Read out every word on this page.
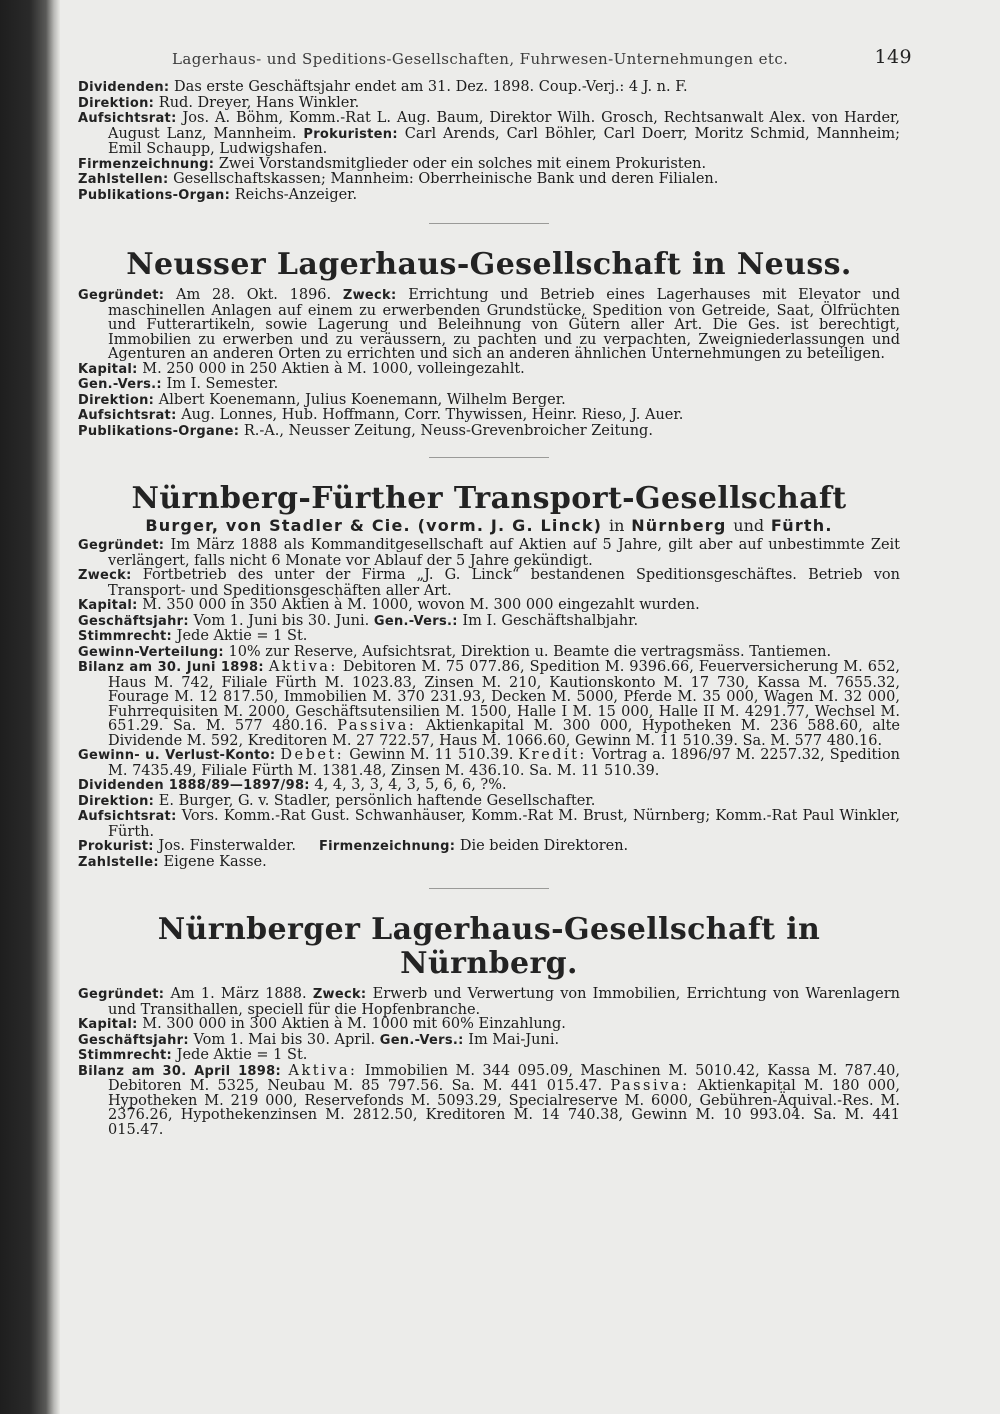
Lagerhaus- und Speditions-Gesellschaften, Fuhrwesen-Unternehmungen etc.	149

Dividenden: Das erste Geschäftsjahr endet am 31. Dez. 1898. Coup.-Verj.: 4 J. n. F.

Direktion: Rud. Dreyer, Hans Winkler.

Aufsichtsrat: Jos. A. Böhm, Komm.-Rat L. Aug. Baum, Direktor Wilh. Grosch, Rechtsanwalt Alex. von Harder, August Lanz, Mannheim. Prokuristen: Carl Arends, Carl Böhler, Carl Doerr, Moritz Schmid, Mannheim; Emil Schaupp, Ludwigshafen.

Firmenzeichnung: Zwei Vorstandsmitglieder oder ein solches mit einem Prokuristen.

Zahlstellen: Gesellschaftskassen; Mannheim: Oberrheinische Bank und deren Filialen.

Publikations-Organ: Reichs-Anzeiger.

Neusser Lagerhaus-Gesellschaft in Neuss.

Gegründet: Am 28. Okt. 1896. Zweck: Errichtung und Betrieb eines Lagerhauses mit Elevator und maschinellen Anlagen auf einem zu erwerbenden Grundstücke, Spedition von Getreide, Saat, Ölfrüchten und Futterartikeln, sowie Lagerung und Beleihnung von Gütern aller Art. Die Ges. ist berechtigt, Immobilien zu erwerben und zu veräussern, zu pachten und zu verpachten, Zweigniederlassungen und Agenturen an anderen Orten zu errichten und sich an anderen ähnlichen Unternehmungen zu beteiligen.

Kapital: M. 250 000 in 250 Aktien à M. 1000, volleingezahlt.

Gen.-Vers.: Im I. Semester.

Direktion: Albert Koenemann, Julius Koenemann, Wilhelm Berger.

Aufsichtsrat: Aug. Lonnes, Hub. Hoffmann, Corr. Thywissen, Heinr. Rieso, J. Auer.

Publikations-Organe: R.-A., Neusser Zeitung, Neuss-Grevenbroicher Zeitung.

Nürnberg-Fürther Transport-Gesellschaft

Burger, von Stadler & Cie. (vorm. J. G. Linck) in Nürnberg und Fürth.

Gegründet: Im März 1888 als Kommanditgesellschaft auf Aktien auf 5 Jahre, gilt aber auf unbestimmte Zeit verlängert, falls nicht 6 Monate vor Ablauf der 5 Jahre gekündigt.

Zweck: Fortbetrieb des unter der Firma „J. G. Linck“ bestandenen Speditionsgeschäftes. Betrieb von Transport- und Speditionsgeschäften aller Art.

Kapital: M. 350 000 in 350 Aktien à M. 1000, wovon M. 300 000 eingezahlt wurden.

Geschäftsjahr: Vom 1. Juni bis 30. Juni. Gen.-Vers.: Im I. Geschäftshalbjahr.

Stimmrecht: Jede Aktie = 1 St.

Gewinn-Verteilung: 10% zur Reserve, Aufsichtsrat, Direktion u. Beamte die vertragsmäss. Tantiemen.

Bilanz am 30. Juni 1898: Aktiva: Debitoren M. 75 077.86, Spedition M. 9396.66, Feuerversicherung M. 652, Haus M. 742, Filiale Fürth M. 1023.83, Zinsen M. 210, Kautionskonto M. 17 730, Kassa M. 7655.32, Fourage M. 12 817.50, Immobilien M. 370 231.93, Decken M. 5000, Pferde M. 35 000, Wagen M. 32 000, Fuhrrequisiten M. 2000, Geschäftsutensilien M. 1500, Halle I M. 15 000, Halle II M. 4291.77, Wechsel M. 651.29. Sa. M. 577 480.16. Passiva: Aktienkapital M. 300 000, Hypotheken M. 236 588.60, alte Dividende M. 592, Kreditoren M. 27 722.57, Haus M. 1066.60, Gewinn M. 11 510.39. Sa. M. 577 480.16.

Gewinn- u. Verlust-Konto: Debet: Gewinn M. 11 510.39. Kredit: Vortrag a. 1896/97 M. 2257.32, Spedition M. 7435.49, Filiale Fürth M. 1381.48, Zinsen M. 436.10. Sa. M. 11 510.39.

Dividenden 1888/89—1897/98: 4, 4, 3, 3, 4, 3, 5, 6, 6, ?%.

Direktion: E. Burger, G. v. Stadler, persönlich haftende Gesellschafter.

Aufsichtsrat: Vors. Komm.-Rat Gust. Schwanhäuser, Komm.-Rat M. Brust, Nürnberg; Komm.-Rat Paul Winkler, Fürth.

Prokurist: Jos. Finsterwalder. Firmenzeichnung: Die beiden Direktoren.

Zahlstelle: Eigene Kasse.

Nürnberger Lagerhaus-Gesellschaft in Nürnberg.

Gegründet: Am 1. März 1888. Zweck: Erwerb und Verwertung von Immobilien, Errichtung von Warenlagern und Transithallen, speciell für die Hopfenbranche.

Kapital: M. 300 000 in 300 Aktien à M. 1000 mit 60% Einzahlung.

Geschäftsjahr: Vom 1. Mai bis 30. April. Gen.-Vers.: Im Mai-Juni.

Stimmrecht: Jede Aktie = 1 St.

Bilanz am 30. April 1898: Aktiva: Immobilien M. 344 095.09, Maschinen M. 5010.42, Kassa M. 787.40, Debitoren M. 5325, Neubau M. 85 797.56. Sa. M. 441 015.47. Passiva: Aktienkapital M. 180 000, Hypotheken M. 219 000, Reservefonds M. 5093.29, Specialreserve M. 6000, Gebühren-Äquival.-Res. M. 2376.26, Hypothekenzinsen M. 2812.50, Kreditoren M. 14 740.38, Gewinn M. 10 993.04. Sa. M. 441 015.47.
